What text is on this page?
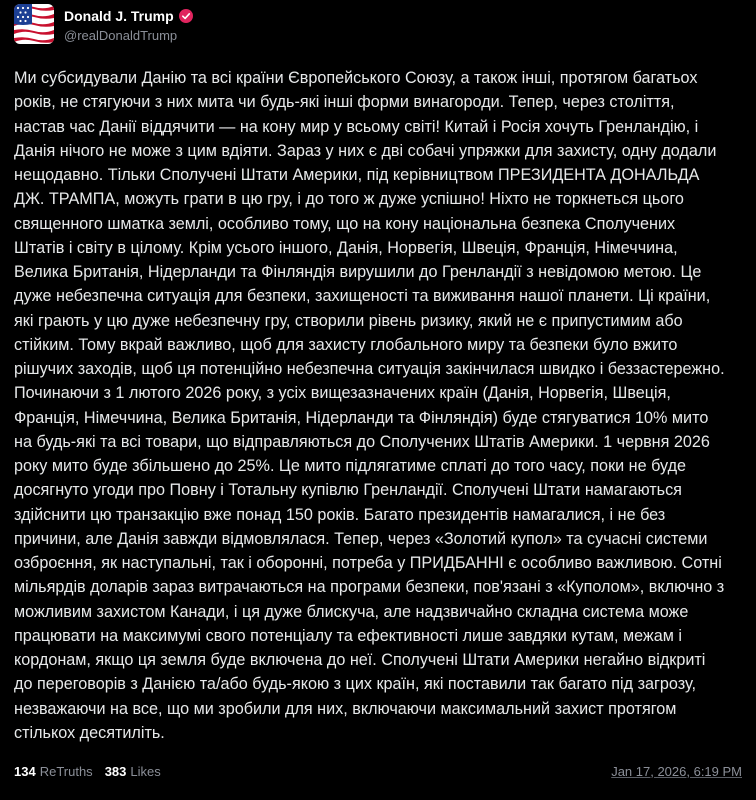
Donald J. Trump
@realDonaldTrump
Ми субсидували Данію та всі країни Європейського Союзу, а також інші, протягом багатьох років, не стягуючи з них мита чи будь-які інші форми винагороди. Тепер, через століття, настав час Данії віддячити — на кону мир у всьому світі! Китай і Росія хочуть Гренландію, і Данія нічого не може з цим вдіяти. Зараз у них є дві собачі упряжки для захисту, одну додали нещодавно. Тільки Сполучені Штати Америки, під керівництвом ПРЕЗИДЕНТА ДОНАЛЬДА ДЖ. ТРАМПА, можуть грати в цю гру, і до того ж дуже успішно! Ніхто не торкнеться цього священного шматка землі, особливо тому, що на кону національна безпека Сполучених Штатів і світу в цілому. Крім усього іншого, Данія, Норвегія, Швеція, Франція, Німеччина, Велика Британія, Нідерланди та Фінляндія вирушили до Гренландії з невідомою метою. Це дуже небезпечна ситуація для безпеки, захищеності та виживання нашої планети. Ці країни, які грають у цю дуже небезпечну гру, створили рівень ризику, який не є припустимим або стійким. Тому вкрай важливо, щоб для захисту глобального миру та безпеки було вжито рішучих заходів, щоб ця потенційно небезпечна ситуація закінчилася швидко і беззастережно. Починаючи з 1 лютого 2026 року, з усіх вищезазначених країн (Данія, Норвегія, Швеція, Франція, Німеччина, Велика Британія, Нідерланди та Фінляндія) буде стягуватися 10% мито на будь-які та всі товари, що відправляються до Сполучених Штатів Америки. 1 червня 2026 року мито буде збільшено до 25%. Це мито підлягатиме сплаті до того часу, поки не буде досягнуто угоди про Повну і Тотальну купівлю Гренландії. Сполучені Штати намагаються здійснити цю транзакцію вже понад 150 років. Багато президентів намагалися, і не без причини, але Данія завжди відмовлялася. Тепер, через «Золотий купол» та сучасні системи озброєння, як наступальні, так і оборонні, потреба у ПРИДБАННІ є особливо важливою. Сотні мільярдів доларів зараз витрачаються на програми безпеки, пов'язані з «Куполом», включно з можливим захистом Канади, і ця дуже блискуча, але надзвичайно складна система може працювати на максимумі свого потенціалу та ефективності лише завдяки кутам, межам і кордонам, якщо ця земля буде включена до неї. Сполучені Штати Америки негайно відкриті до переговорів з Данією та/або будь-якою з цих країн, які поставили так багато під загрозу, незважаючи на все, що ми зробили для них, включаючи максимальний захист протягом стількох десятиліть.
134 ReTruths 383 Likes	Jan 17, 2026, 6:19 PM
